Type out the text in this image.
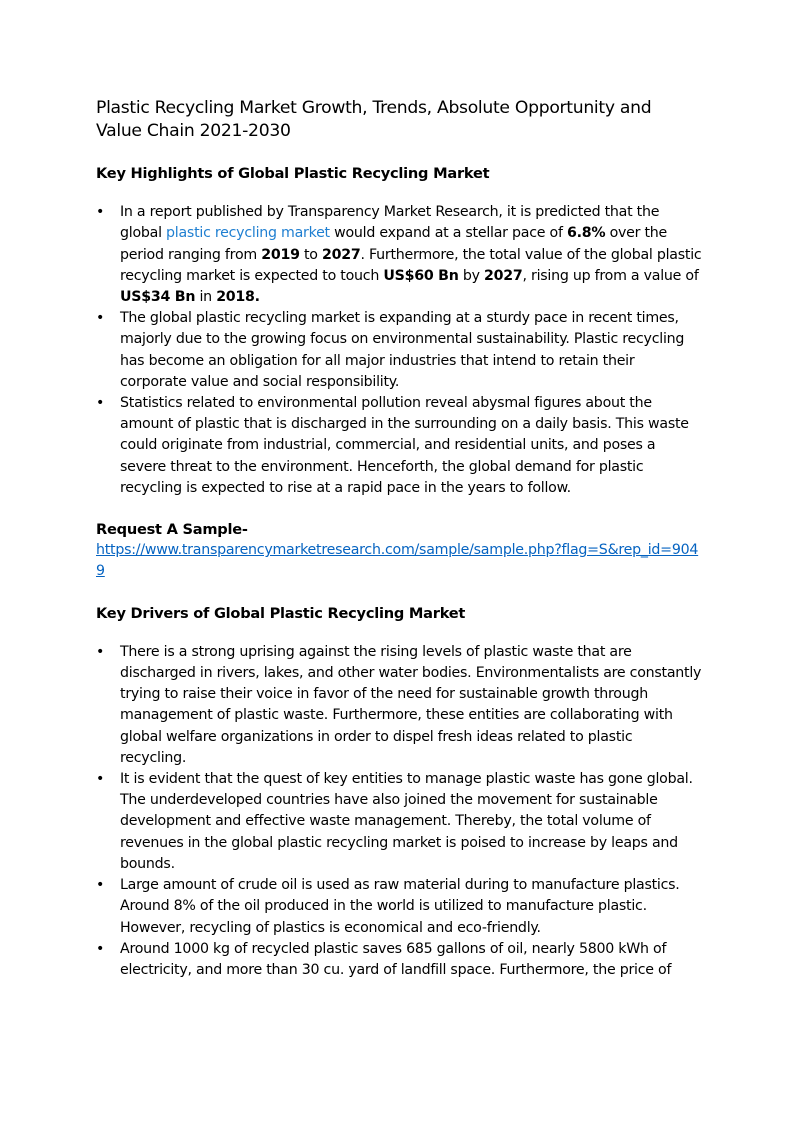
Plastic Recycling Market Growth, Trends, Absolute Opportunity and Value Chain 2021-2030
Key Highlights of Global Plastic Recycling Market
• In a report published by Transparency Market Research, it is predicted that the global plastic recycling market would expand at a stellar pace of 6.8% over the period ranging from 2019 to 2027. Furthermore, the total value of the global plastic recycling market is expected to touch US$60 Bn by 2027, rising up from a value of US$34 Bn in 2018.
• The global plastic recycling market is expanding at a sturdy pace in recent times, majorly due to the growing focus on environmental sustainability. Plastic recycling has become an obligation for all major industries that intend to retain their corporate value and social responsibility.
• Statistics related to environmental pollution reveal abysmal figures about the amount of plastic that is discharged in the surrounding on a daily basis. This waste could originate from industrial, commercial, and residential units, and poses a severe threat to the environment. Henceforth, the global demand for plastic recycling is expected to rise at a rapid pace in the years to follow.

Request A Sample-

https://www.transparencymarketresearch.com/sample/sample.php?flag=S&rep_id=9049

Key Drivers of Global Plastic Recycling Market
• There is a strong uprising against the rising levels of plastic waste that are discharged in rivers, lakes, and other water bodies. Environmentalists are constantly trying to raise their voice in favor of the need for sustainable growth through management of plastic waste. Furthermore, these entities are collaborating with global welfare organizations in order to dispel fresh ideas related to plastic recycling.
• It is evident that the quest of key entities to manage plastic waste has gone global. The underdeveloped countries have also joined the movement for sustainable development and effective waste management. Thereby, the total volume of revenues in the global plastic recycling market is poised to increase by leaps and bounds.
• Large amount of crude oil is used as raw material during to manufacture plastics. Around 8% of the oil produced in the world is utilized to manufacture plastic. However, recycling of plastics is economical and eco-friendly.
• Around 1000 kg of recycled plastic saves 685 gallons of oil, nearly 5800 kWh of electricity, and more than 30 cu. yard of landfill space. Furthermore, the price of
